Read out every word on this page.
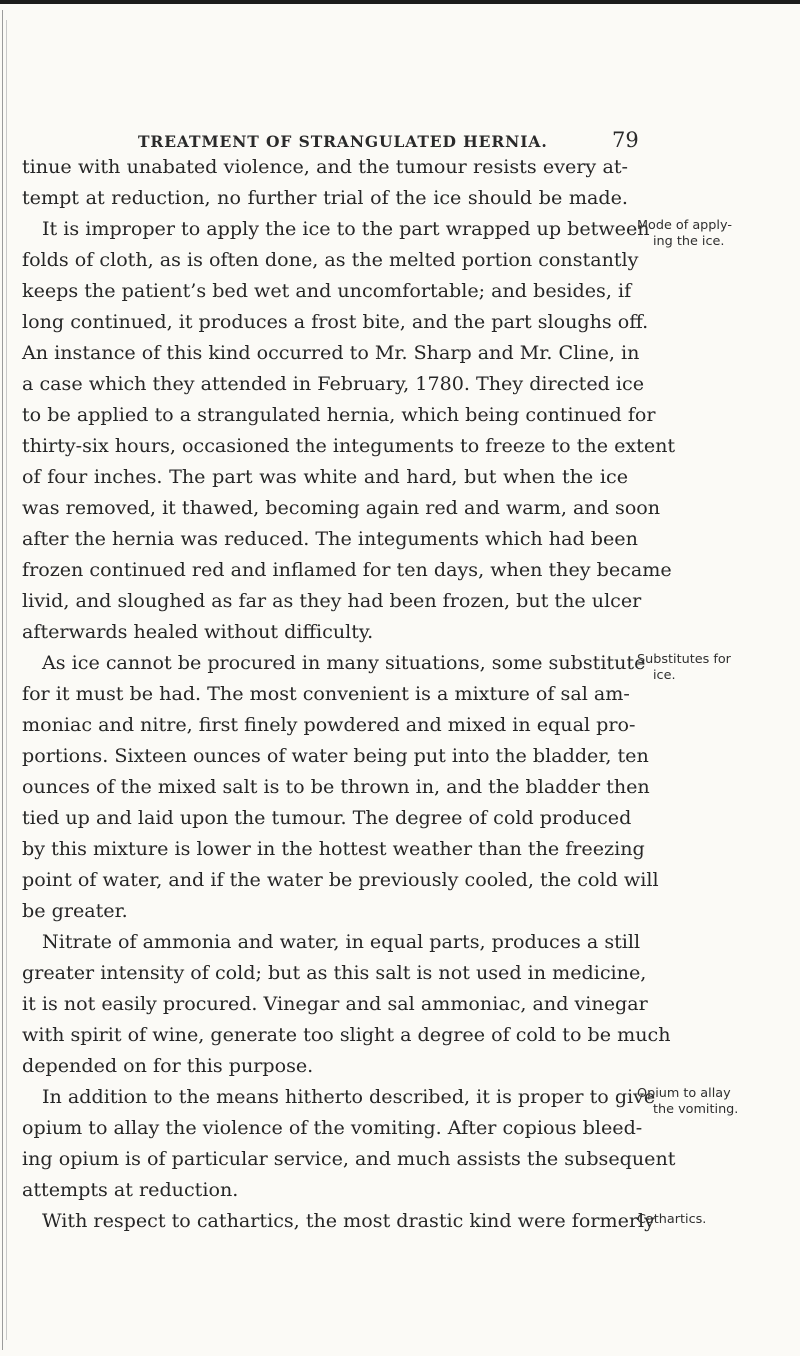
TREATMENT OF STRANGULATED HERNIA.	79
tinue with unabated violence, and the tumour resists every at-
tempt at reduction, no further trial of the ice should be made.
It is improper to apply the ice to the part wrapped up between
folds of cloth, as is often done, as the melted portion constantly
keeps the patient’s bed wet and uncomfortable; and besides, if
long continued, it produces a frost bite, and the part sloughs off.
An instance of this kind occurred to Mr. Sharp and Mr. Cline, in
a case which they attended in February, 1780. They directed ice
to be applied to a strangulated hernia, which being continued for
thirty-six hours, occasioned the integuments to freeze to the extent
of four inches. The part was white and hard, but when the ice
was removed, it thawed, becoming again red and warm, and soon
after the hernia was reduced. The integuments which had been
frozen continued red and inflamed for ten days, when they became
livid, and sloughed as far as they had been frozen, but the ulcer
afterwards healed without difficulty.
As ice cannot be procured in many situations, some substitute
for it must be had. The most convenient is a mixture of sal am-
moniac and nitre, first finely powdered and mixed in equal pro-
portions. Sixteen ounces of water being put into the bladder, ten
ounces of the mixed salt is to be thrown in, and the bladder then
tied up and laid upon the tumour. The degree of cold produced
by this mixture is lower in the hottest weather than the freezing
point of water, and if the water be previously cooled, the cold will
be greater.
Nitrate of ammonia and water, in equal parts, produces a still
greater intensity of cold; but as this salt is not used in medicine,
it is not easily procured. Vinegar and sal ammoniac, and vinegar
with spirit of wine, generate too slight a degree of cold to be much
depended on for this purpose.
In addition to the means hitherto described, it is proper to give
opium to allay the violence of the vomiting. After copious bleed-
ing opium is of particular service, and much assists the subsequent
attempts at reduction.
With respect to cathartics, the most drastic kind were formerly
Mode of apply-
ing the ice.
Substitutes for
ice.
Opium to allay
the vomiting.
Cathartics.
